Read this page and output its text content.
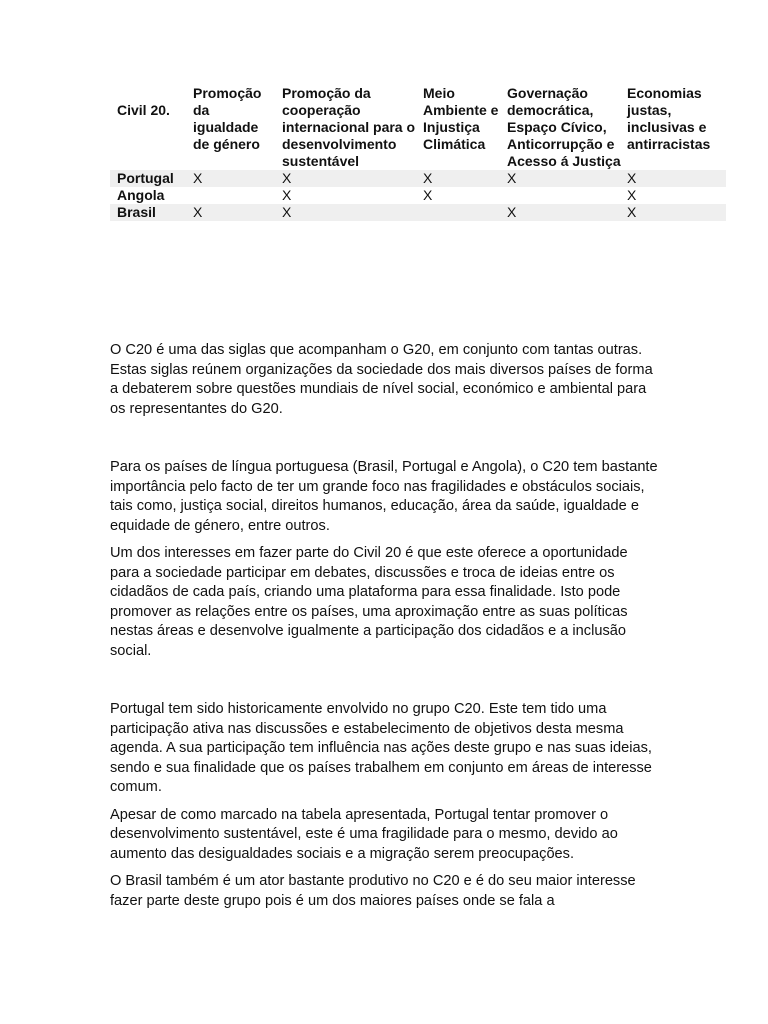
Civil 20.	Promoção da igualdade de género	Promoção da cooperação internacional para o desenvolvimento sustentável	Meio Ambiente e Injustiça Climática	Governação democrática, Espaço Cívico, Anticorrupção e Acesso á Justiça	Economias justas, inclusivas e antirracistas
Portugal	X	X	X	X	X
Angola		X	X		X
Brasil	X	X		X	X

O C20 é uma das siglas que acompanham o G20, em conjunto com tantas outras. Estas siglas reúnem organizações da sociedade dos mais diversos países de forma a debaterem sobre questões mundiais de nível social, económico e ambiental para os representantes do G20.

Para os países de língua portuguesa (Brasil, Portugal e Angola), o C20 tem bastante importância pelo facto de ter um grande foco nas fragilidades e obstáculos sociais, tais como, justiça social, direitos humanos, educação, área da saúde, igualdade e equidade de género, entre outros.

Um dos interesses em fazer parte do Civil 20 é que este oferece a oportunidade para a sociedade participar em debates, discussões e troca de ideias entre os cidadãos de cada país, criando uma plataforma para essa finalidade. Isto pode promover as relações entre os países, uma aproximação entre as suas políticas nestas áreas e desenvolve igualmente a participação dos cidadãos e a inclusão social.

Portugal tem sido historicamente envolvido no grupo C20. Este tem tido uma participação ativa nas discussões e estabelecimento de objetivos desta mesma agenda. A sua participação tem influência nas ações deste grupo e nas suas ideias, sendo e sua finalidade que os países trabalhem em conjunto em áreas de interesse comum.

Apesar de como marcado na tabela apresentada, Portugal tentar promover o desenvolvimento sustentável, este é uma fragilidade para o mesmo, devido ao aumento das desigualdades sociais e a migração serem preocupações.

O Brasil também é um ator bastante produtivo no C20 e é do seu maior interesse fazer parte deste grupo pois é um dos maiores países onde se fala a
